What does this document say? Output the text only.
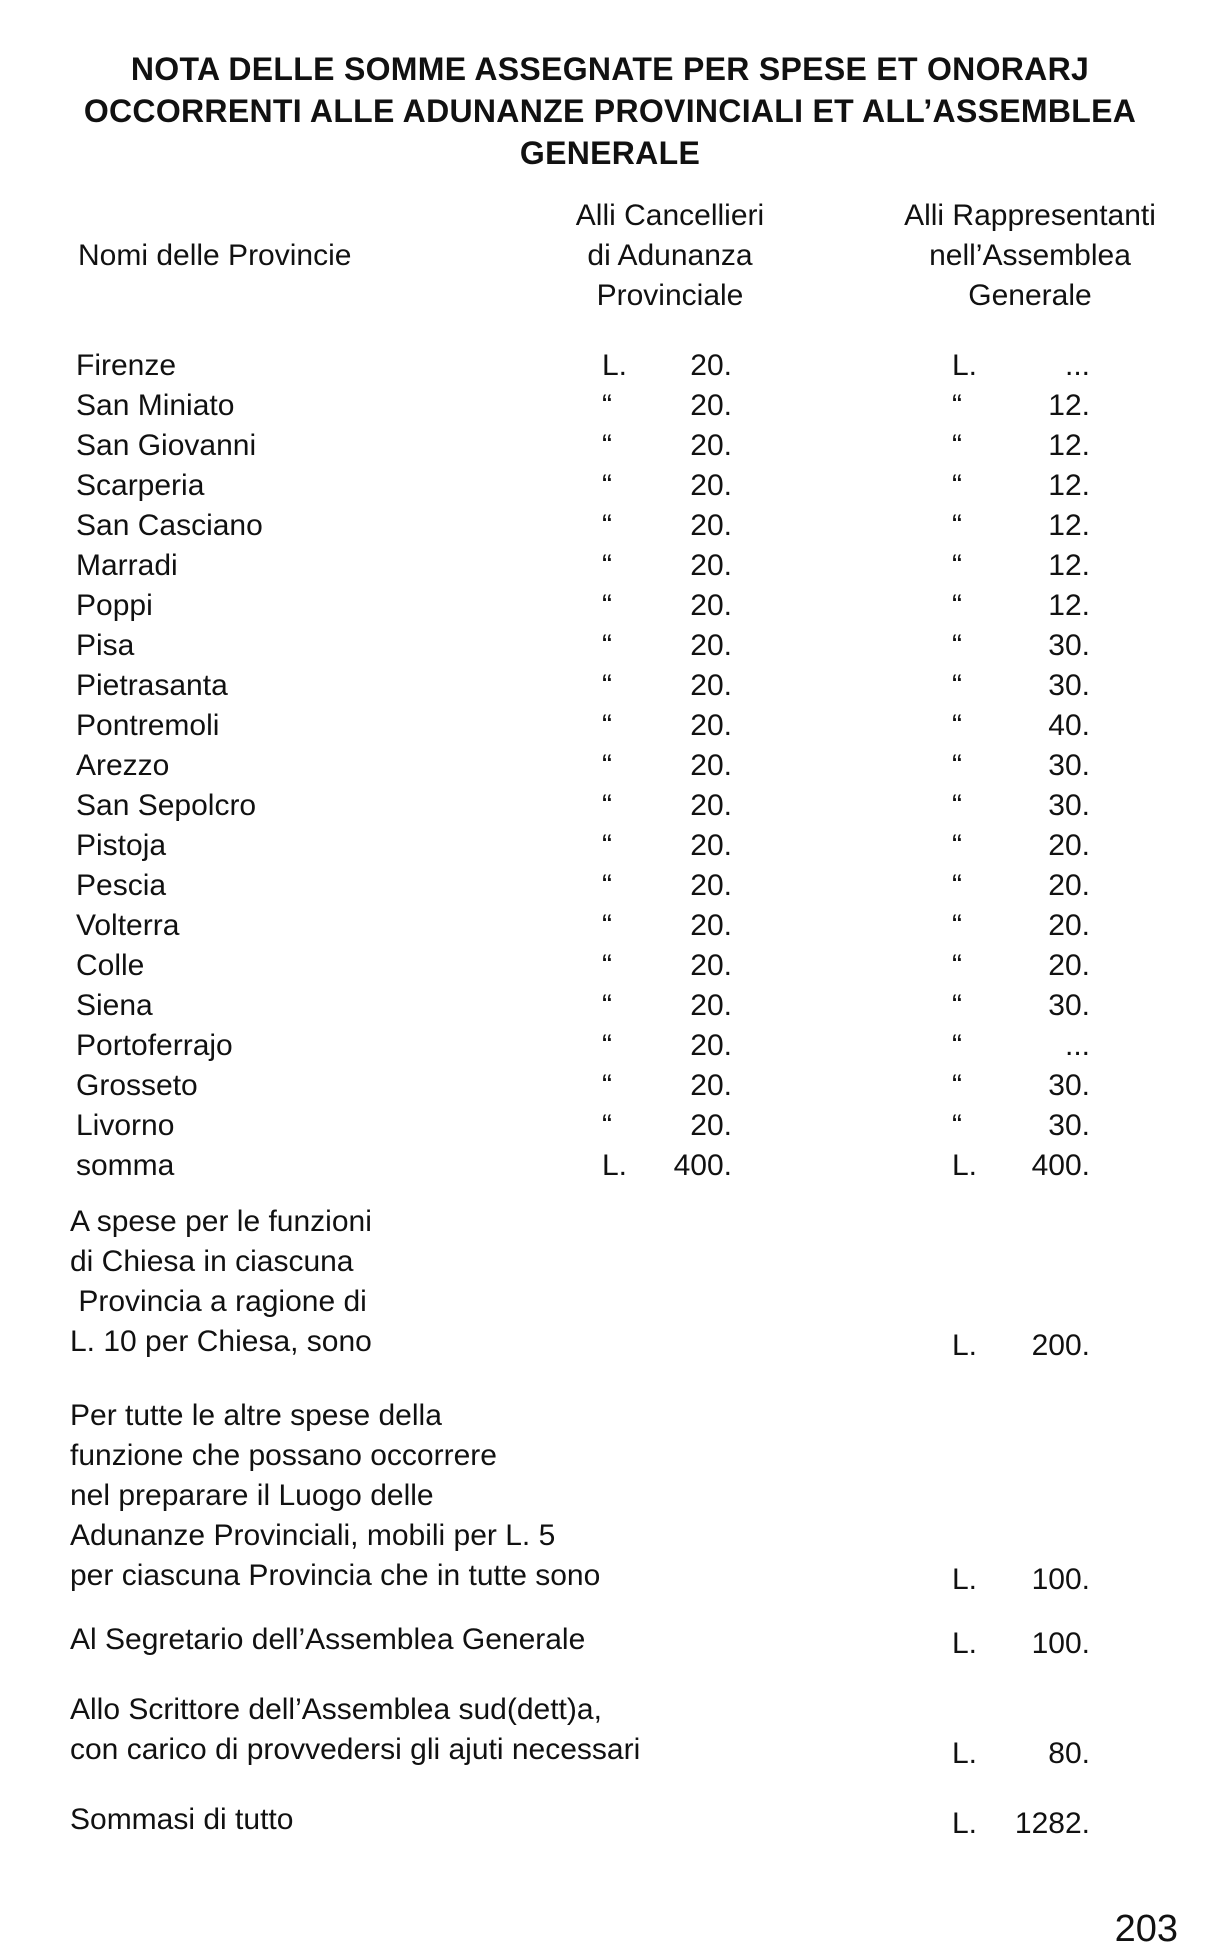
NOTA DELLE SOMME ASSEGNATE PER SPESE ET ONORARJ
OCCORRENTI ALLE ADUNANZE PROVINCIALI ET ALL’ASSEMBLEA
GENERALE
Nomi delle Provincie
Alli Cancellieri
di Adunanza
Provinciale
Alli Rappresentanti
nell’Assemblea
Generale
Firenze	L.	20.	L.	...
San Miniato	“	20.	“	12.
San Giovanni	“	20.	“	12.
Scarperia	“	20.	“	12.
San Casciano	“	20.	“	12.
Marradi	“	20.	“	12.
Poppi	“	20.	“	12.
Pisa	“	20.	“	30.
Pietrasanta	“	20.	“	30.
Pontremoli	“	20.	“	40.
Arezzo	“	20.	“	30.
San Sepolcro	“	20.	“	30.
Pistoja	“	20.	“	20.
Pescia	“	20.	“	20.
Volterra	“	20.	“	20.
Colle	“	20.	“	20.
Siena	“	20.	“	30.
Portoferrajo	“	20.	“	...
Grosseto	“	20.	“	30.
Livorno	“	20.	“	30.
somma	L.	400.	L.	400.
A spese per le funzioni
di Chiesa in ciascuna
Provincia a ragione di
L. 10 per Chiesa, sono	L.	200.
Per tutte le altre spese della
funzione che possano occorrere
nel preparare il Luogo delle
Adunanze Provinciali, mobili per L. 5
per ciascuna Provincia che in tutte sono	L.	100.
Al Segretario dell’Assemblea Generale	L.	100.
Allo Scrittore dell’Assemblea sud(dett)a,
con carico di provvedersi gli ajuti necessari	L.	80.
Sommasi di tutto	L.	1282.
203
